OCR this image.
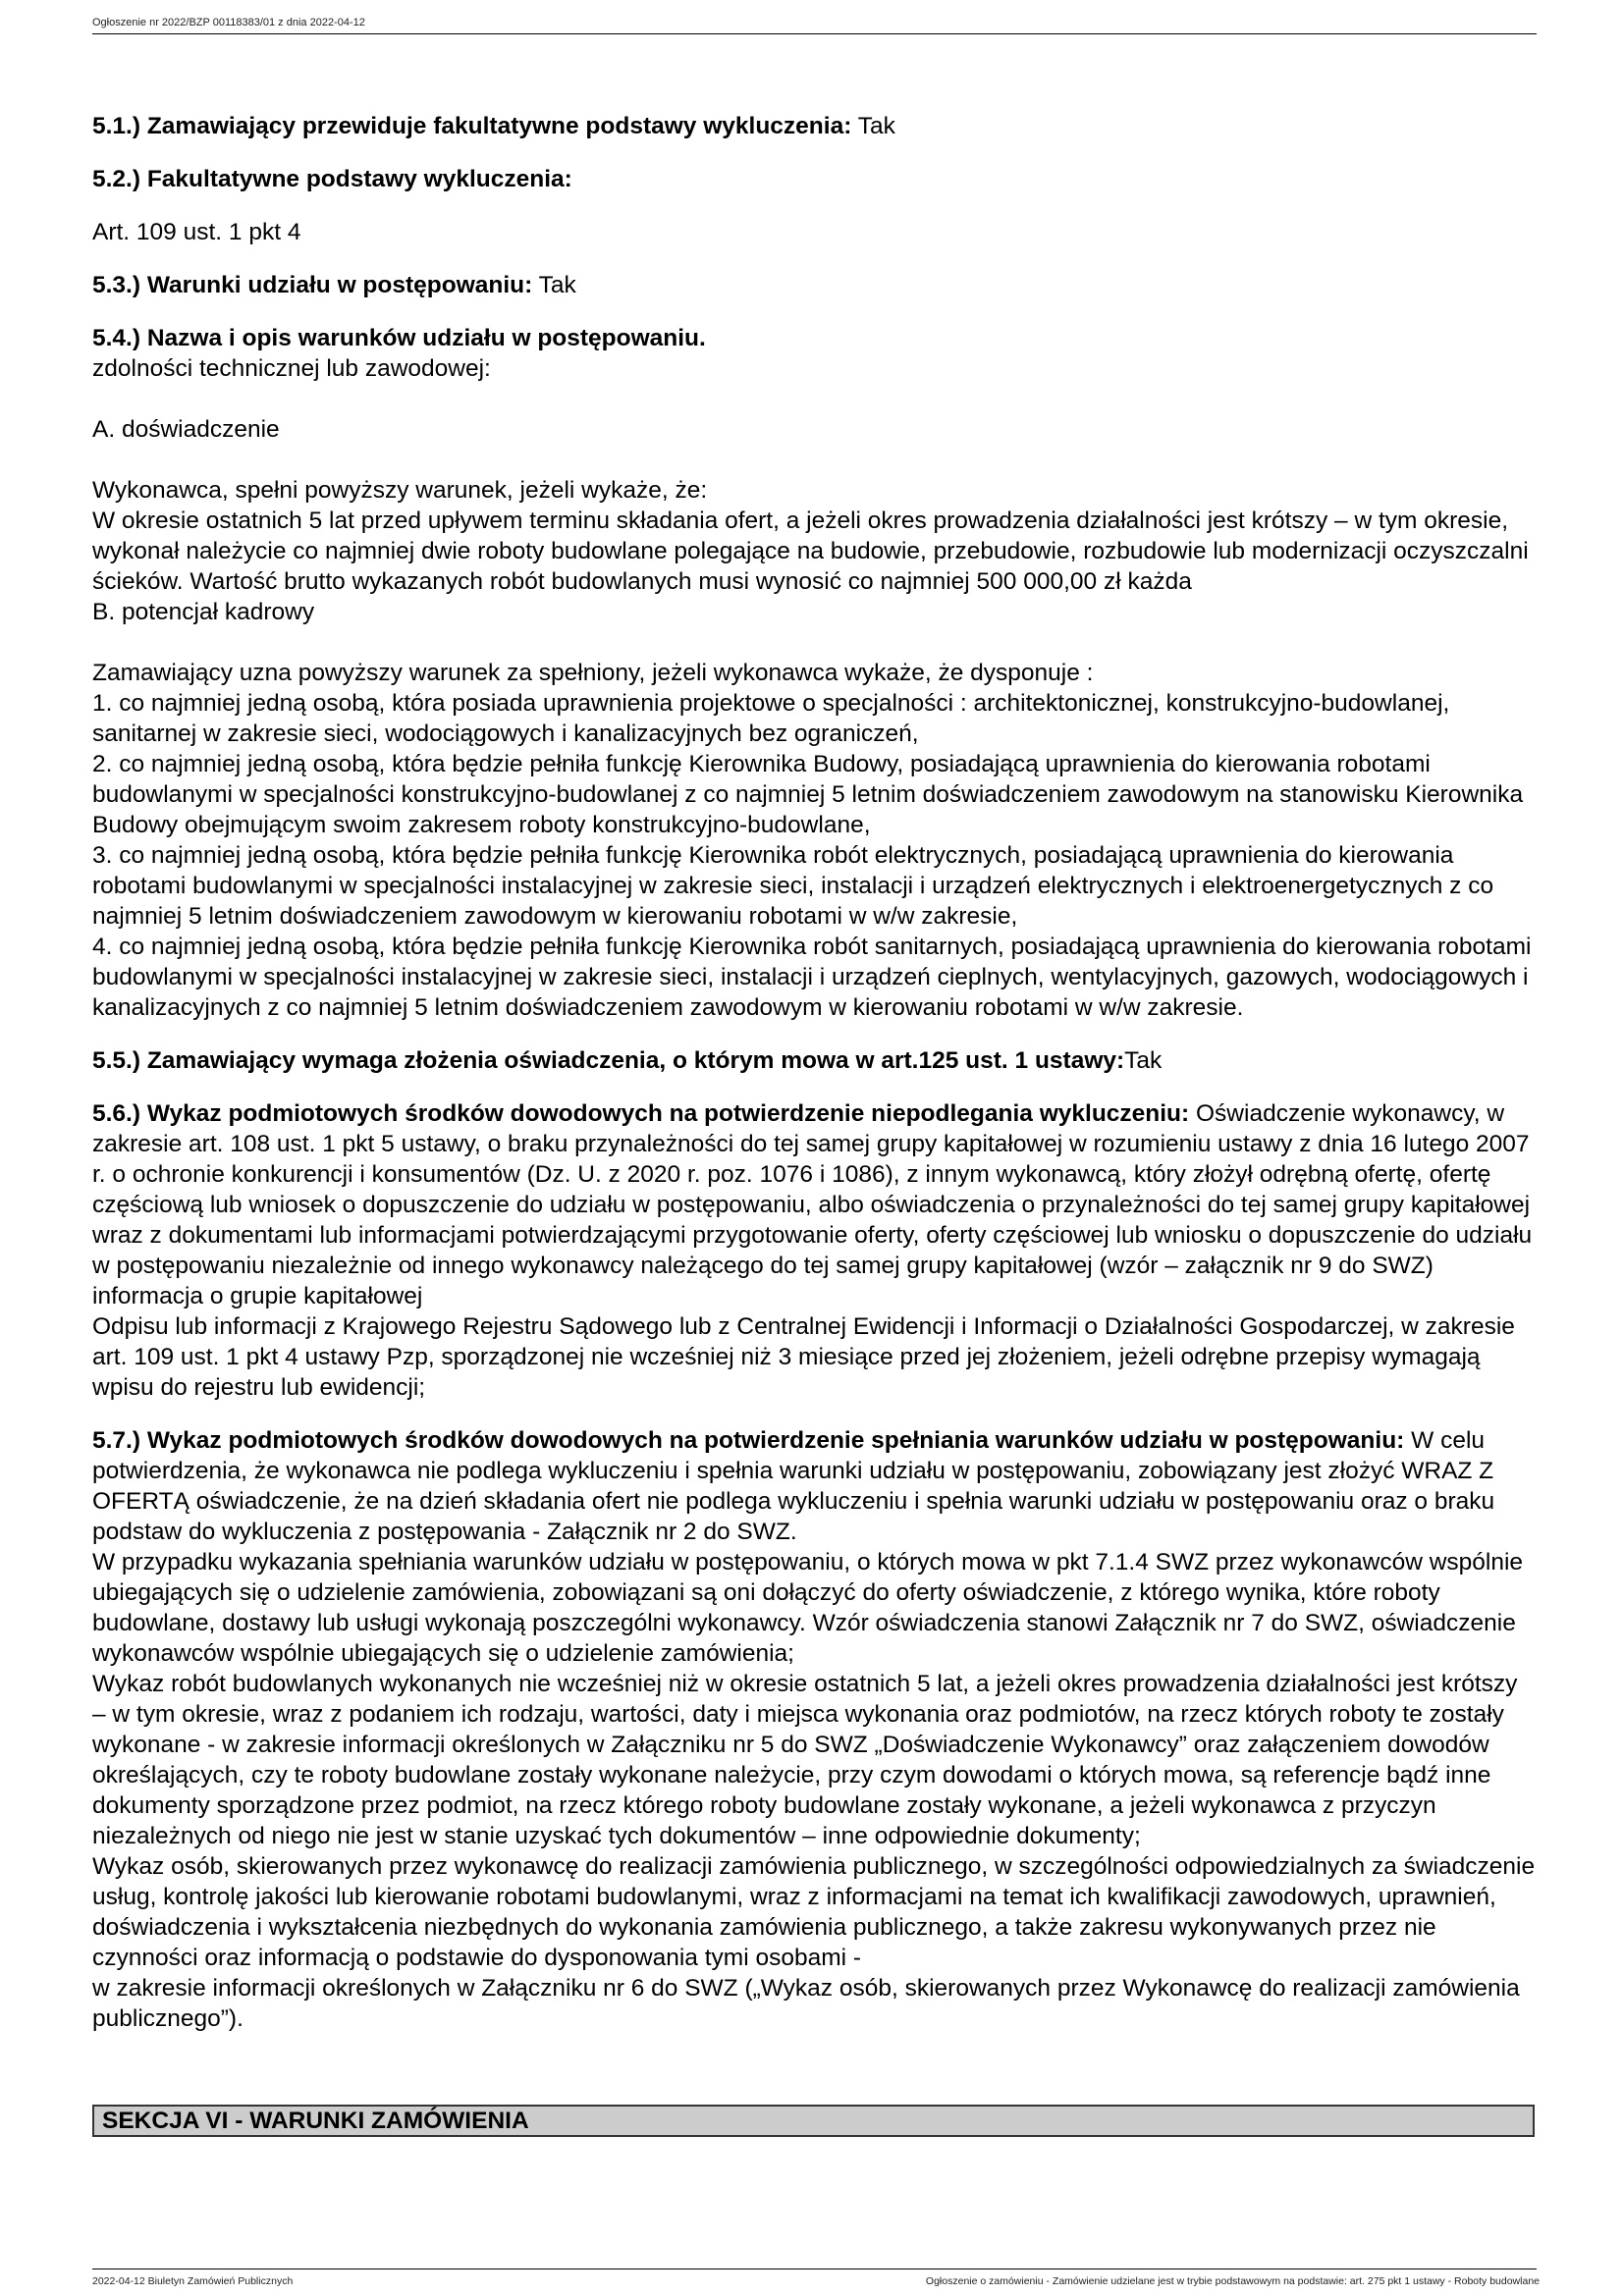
Ogłoszenie nr 2022/BZP 00118383/01 z dnia 2022-04-12

5.1.) Zamawiający przewiduje fakultatywne podstawy wykluczenia: Tak

5.2.) Fakultatywne podstawy wykluczenia:

Art. 109 ust. 1 pkt 4

5.3.) Warunki udziału w postępowaniu: Tak

5.4.) Nazwa i opis warunków udziału w postępowaniu.

zdolności technicznej lub zawodowej:
A. doświadczenie
Wykonawca, spełni powyższy warunek, jeżeli wykaże, że:
W okresie ostatnich 5 lat przed upływem terminu składania ofert, a jeżeli okres prowadzenia działalności jest krótszy – w tym okresie, wykonał należycie co najmniej dwie roboty budowlane polegające na budowie, przebudowie, rozbudowie lub modernizacji oczyszczalni ścieków. Wartość brutto wykazanych robót budowlanych musi wynosić co najmniej 500 000,00 zł każda
B. potencjał kadrowy
Zamawiający uzna powyższy warunek za spełniony, jeżeli wykonawca wykaże, że dysponuje :
1. co najmniej jedną osobą, która posiada uprawnienia projektowe o specjalności : architektonicznej, konstrukcyjno-budowlanej, sanitarnej w zakresie sieci, wodociągowych i kanalizacyjnych bez ograniczeń,
2. co najmniej jedną osobą, która będzie pełniła funkcję Kierownika Budowy, posiadającą uprawnienia do kierowania robotami budowlanymi w specjalności konstrukcyjno-budowlanej z co najmniej 5 letnim doświadczeniem zawodowym na stanowisku Kierownika Budowy obejmującym swoim zakresem roboty konstrukcyjno-budowlane,
3. co najmniej jedną osobą, która będzie pełniła funkcję Kierownika robót elektrycznych, posiadającą uprawnienia do kierowania robotami budowlanymi w specjalności instalacyjnej w zakresie sieci, instalacji i urządzeń elektrycznych i elektroenergetycznych z co najmniej 5 letnim doświadczeniem zawodowym w kierowaniu robotami w w/w zakresie,
4. co najmniej jedną osobą, która będzie pełniła funkcję Kierownika robót sanitarnych, posiadającą uprawnienia do kierowania robotami budowlanymi w specjalności instalacyjnej w zakresie sieci, instalacji i urządzeń cieplnych, wentylacyjnych, gazowych, wodociągowych i kanalizacyjnych z co najmniej 5 letnim doświadczeniem zawodowym w kierowaniu robotami w w/w zakresie.

5.5.) Zamawiający wymaga złożenia oświadczenia, o którym mowa w art.125 ust. 1 ustawy:Tak

5.6.) Wykaz podmiotowych środków dowodowych na potwierdzenie niepodlegania wykluczeniu: Oświadczenie wykonawcy, w zakresie art. 108 ust. 1 pkt 5 ustawy, o braku przynależności do tej samej grupy kapitałowej w rozumieniu ustawy z dnia 16 lutego 2007 r. o ochronie konkurencji i konsumentów (Dz. U. z 2020 r. poz. 1076 i 1086), z innym wykonawcą, który złożył odrębną ofertę, ofertę częściową lub wniosek o dopuszczenie do udziału w postępowaniu, albo oświadczenia o przynależności do tej samej grupy kapitałowej wraz z dokumentami lub informacjami potwierdzającymi przygotowanie oferty, oferty częściowej lub wniosku o dopuszczenie do udziału w postępowaniu niezależnie od innego wykonawcy należącego do tej samej grupy kapitałowej (wzór – załącznik nr 9 do SWZ) informacja o grupie kapitałowej
Odpisu lub informacji z Krajowego Rejestru Sądowego lub z Centralnej Ewidencji i Informacji o Działalności Gospodarczej, w zakresie art. 109 ust. 1 pkt 4 ustawy Pzp, sporządzonej nie wcześniej niż 3 miesiące przed jej złożeniem, jeżeli odrębne przepisy wymagają wpisu do rejestru lub ewidencji;
5.7.) Wykaz podmiotowych środków dowodowych na potwierdzenie spełniania warunków udziału w postępowaniu: W celu potwierdzenia, że wykonawca nie podlega wykluczeniu i spełnia warunki udziału w postępowaniu, zobowiązany jest złożyć WRAZ Z OFERTĄ oświadczenie, że na dzień składania ofert nie podlega wykluczeniu i spełnia warunki udziału w postępowaniu oraz o braku podstaw do wykluczenia z postępowania - Załącznik nr 2 do SWZ.
W przypadku wykazania spełniania warunków udziału w postępowaniu, o których mowa w pkt 7.1.4 SWZ przez wykonawców wspólnie ubiegających się o udzielenie zamówienia, zobowiązani są oni dołączyć do oferty oświadczenie, z którego wynika, które roboty budowlane, dostawy lub usługi wykonają poszczególni wykonawcy. Wzór oświadczenia stanowi Załącznik nr 7 do SWZ, oświadczenie wykonawców wspólnie ubiegających się o udzielenie zamówienia;
Wykaz robót budowlanych wykonanych nie wcześniej niż w okresie ostatnich 5 lat, a jeżeli okres prowadzenia działalności jest krótszy – w tym okresie, wraz z podaniem ich rodzaju, wartości, daty i miejsca wykonania oraz podmiotów, na rzecz których roboty te zostały wykonane - w zakresie informacji określonych w Załączniku nr 5 do SWZ „Doświadczenie Wykonawcy” oraz załączeniem dowodów określających, czy te roboty budowlane zostały wykonane należycie, przy czym dowodami o których mowa, są referencje bądź inne dokumenty sporządzone przez podmiot, na rzecz którego roboty budowlane zostały wykonane, a jeżeli wykonawca z przyczyn niezależnych od niego nie jest w stanie uzyskać tych dokumentów – inne odpowiednie dokumenty;
Wykaz osób, skierowanych przez wykonawcę do realizacji zamówienia publicznego, w szczególności odpowiedzialnych za świadczenie usług, kontrolę jakości lub kierowanie robotami budowlanymi, wraz z informacjami na temat ich kwalifikacji zawodowych, uprawnień, doświadczenia i wykształcenia niezbędnych do wykonania zamówienia publicznego, a także zakresu wykonywanych przez nie czynności oraz informacją o podstawie do dysponowania tymi osobami -
w zakresie informacji określonych w Załączniku nr 6 do SWZ („Wykaz osób, skierowanych przez Wykonawcę do realizacji zamówienia publicznego”).
SEKCJA VI - WARUNKI ZAMÓWIENIA
2022-04-12 Biuletyn Zamówień Publicznych	Ogłoszenie o zamówieniu - Zamówienie udzielane jest w trybie podstawowym na podstawie: art. 275 pkt 1 ustawy - Roboty budowlane
